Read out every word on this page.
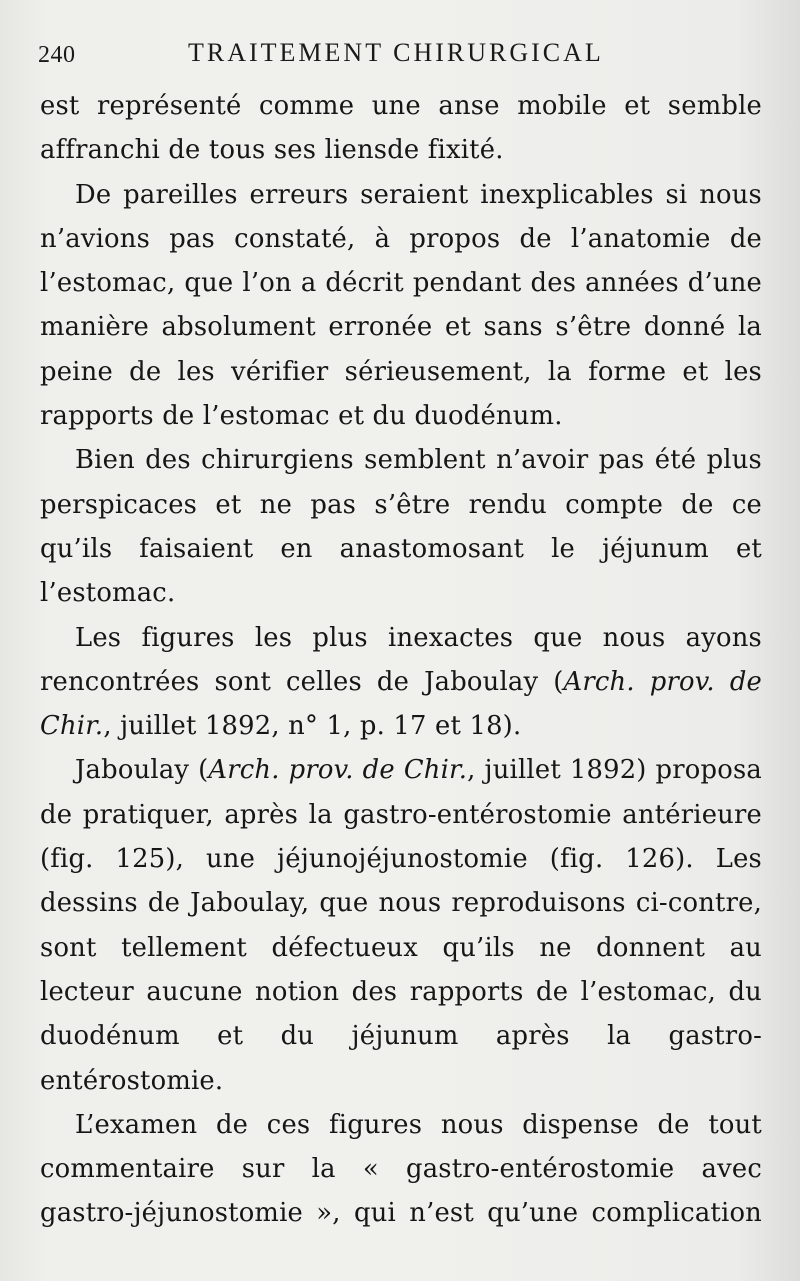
240	TRAITEMENT CHIRURGICAL

est représenté comme une anse mobile et semble affranchi de tous ses liensde fixité.

De pareilles erreurs seraient inexplicables si nous n’avions pas constaté, à propos de l’anatomie de l’estomac, que l’on a décrit pendant des années d’une manière absolument erronée et sans s’être donné la peine de les vérifier sérieusement, la forme et les rapports de l’estomac et du duodénum.

Bien des chirurgiens semblent n’avoir pas été plus perspicaces et ne pas s’être rendu compte de ce qu’ils faisaient en anastomosant le jéjunum et l’estomac.

Les figures les plus inexactes que nous ayons rencontrées sont celles de Jaboulay (Arch. prov. de Chir., juillet 1892, n° 1, p. 17 et 18).

Jaboulay (Arch. prov. de Chir., juillet 1892) proposa de pratiquer, après la gastro-entérostomie antérieure (fig. 125), une jéjunojéjunostomie (fig. 126). Les dessins de Jaboulay, que nous reproduisons ci-contre, sont tellement défectueux qu’ils ne donnent au lecteur aucune notion des rapports de l’estomac, du duodénum et du jéjunum après la gastro-entérostomie.

L’examen de ces figures nous dispense de tout commentaire sur la « gastro-entérostomie avec gastro-jéjunostomie », qui n’est qu’une complication
